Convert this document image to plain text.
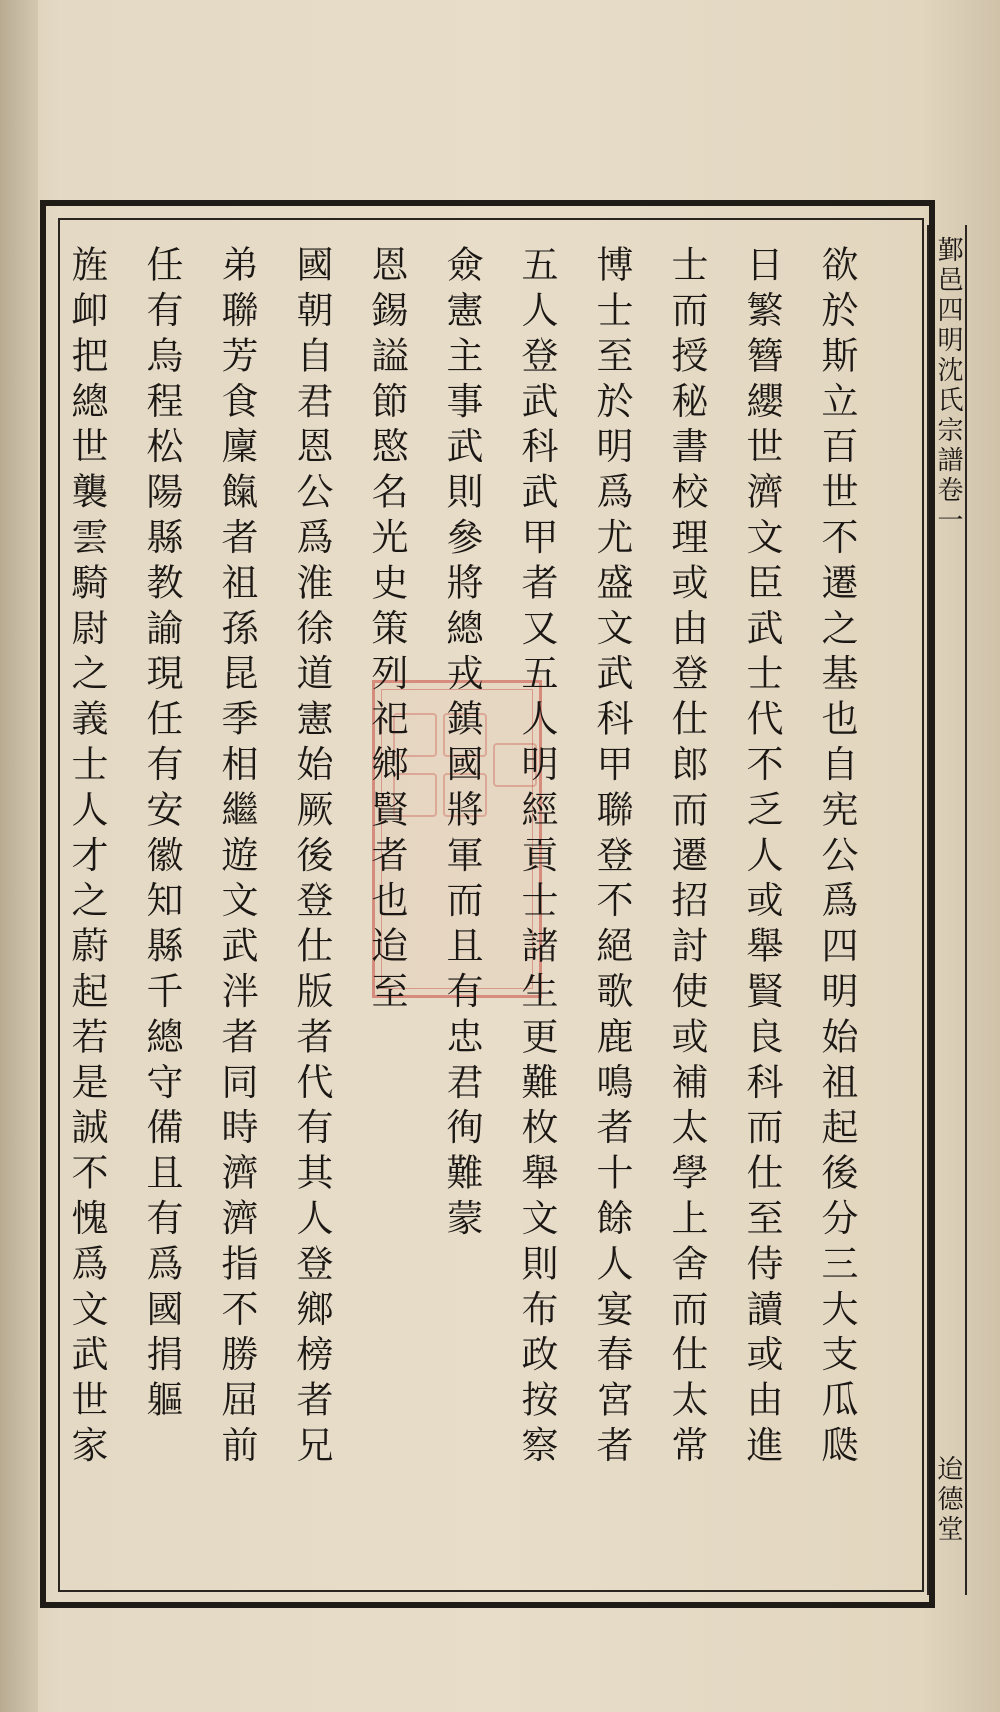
鄞邑四明沈氏宗譜卷一
迨德堂
欲於斯立百世不遷之基也自宪公爲四明始祖起後分三大支瓜瓞
日繁簪纓世濟文臣武士代不乏人或舉賢良科而仕至侍讀或由進
士而授秘書校理或由登仕郎而遷招討使或補太學上舍而仕太常
博士至於明爲尤盛文武科甲聯登不絕歌鹿鳴者十餘人宴春宮者
五人登武科武甲者又五人明經貢士諸生更難枚舉文則布政按察
僉憲主事武則參將總戎鎮國將軍而且有忠君徇難蒙
恩錫謚節愍名光史策列祀鄉賢者也迨至
國朝自君恩公爲淮徐道憲始厥後登仕版者代有其人登鄉榜者兄
弟聯芳食廩餼者祖孫昆季相繼遊文武泮者同時濟濟指不勝屈前
任有烏程松陽縣教諭現任有安徽知縣千總守備且有爲國捐軀
旌卹把總世襲雲騎尉之義士人才之蔚起若是誠不愧爲文武世家
